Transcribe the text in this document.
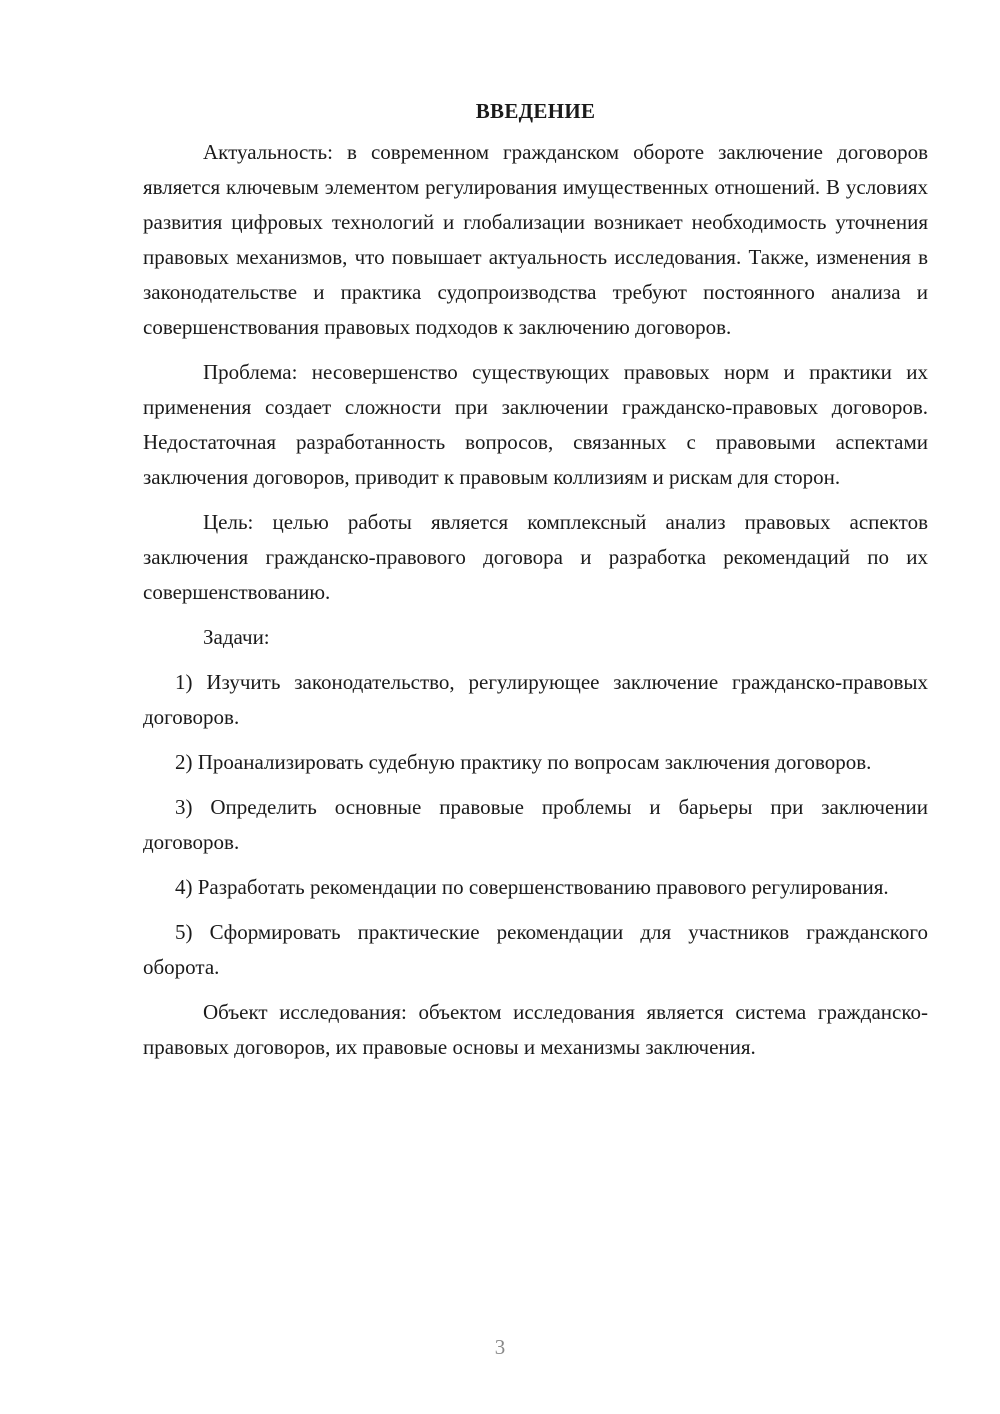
ВВЕДЕНИЕ

Актуальность: в современном гражданском обороте заключение договоров является ключевым элементом регулирования имущественных отношений. В условиях развития цифровых технологий и глобализации возникает необходимость уточнения правовых механизмов, что повышает актуальность исследования. Также, изменения в законодательстве и практика судопроизводства требуют постоянного анализа и совершенствования правовых подходов к заключению договоров.

Проблема: несовершенство существующих правовых норм и практики их применения создает сложности при заключении гражданско-правовых договоров. Недостаточная разработанность вопросов, связанных с правовыми аспектами заключения договоров, приводит к правовым коллизиям и рискам для сторон.

Цель: целью работы является комплексный анализ правовых аспектов заключения гражданско-правового договора и разработка рекомендаций по их совершенствованию.

Задачи:

1) Изучить законодательство, регулирующее заключение гражданско-правовых договоров.

2) Проанализировать судебную практику по вопросам заключения договоров.

3) Определить основные правовые проблемы и барьеры при заключении договоров.

4) Разработать рекомендации по совершенствованию правового регулирования.

5) Сформировать практические рекомендации для участников гражданского оборота.

Объект исследования: объектом исследования является система гражданско-правовых договоров, их правовые основы и механизмы заключения.

3
